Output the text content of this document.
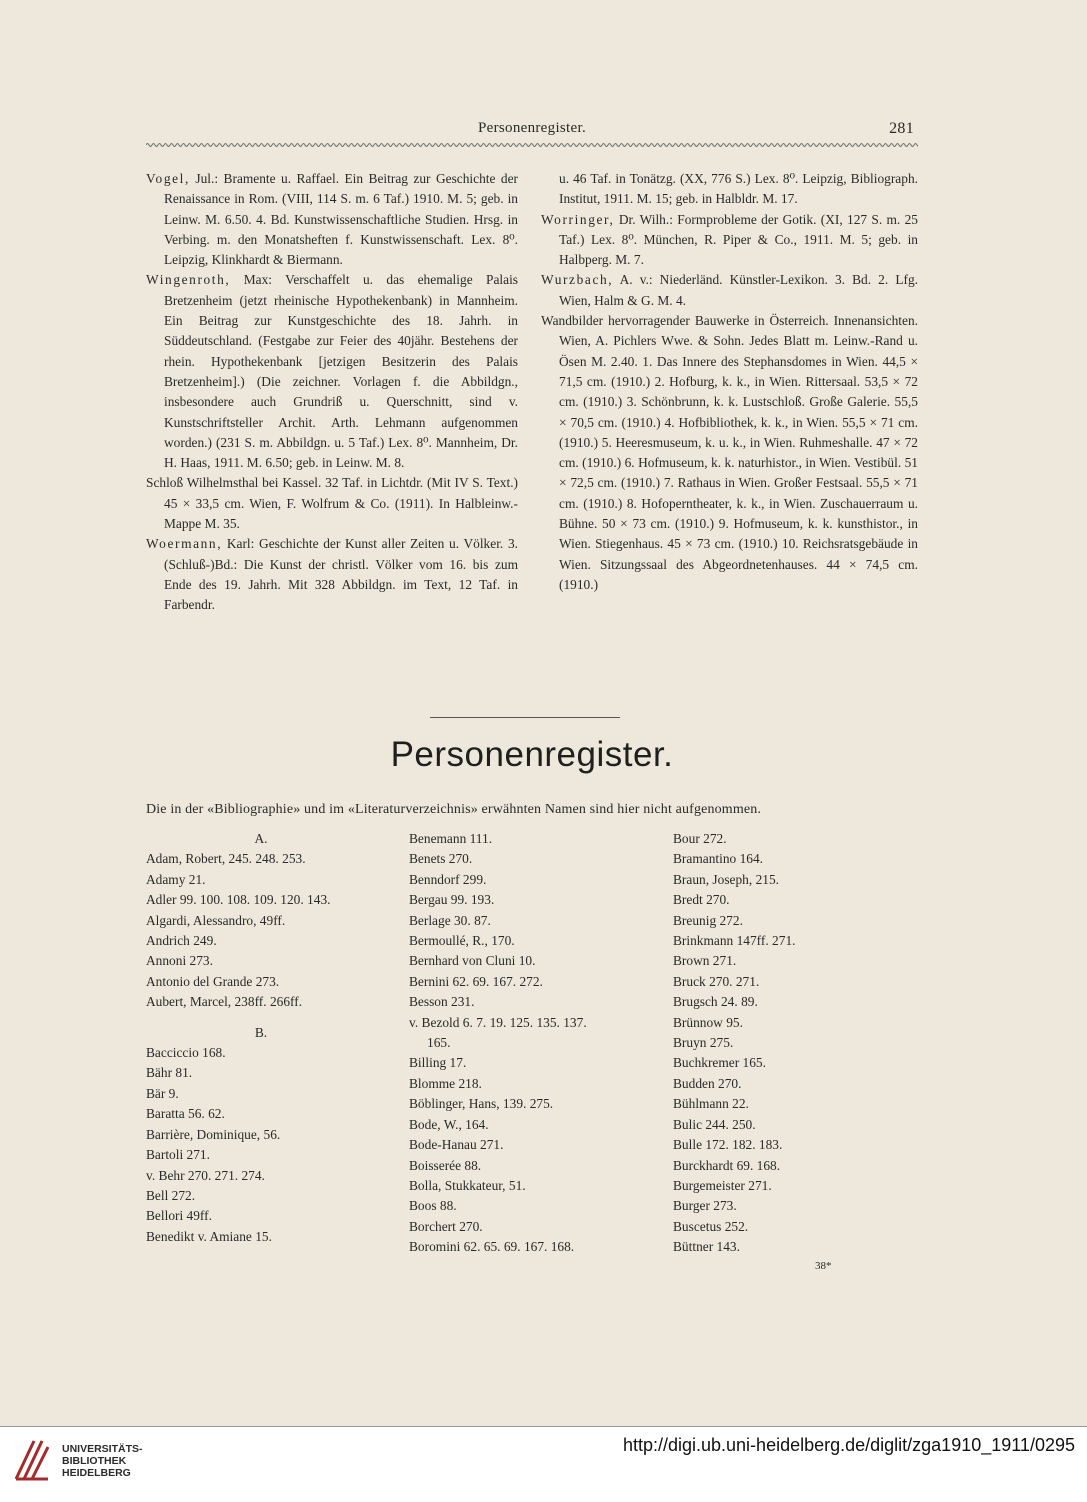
Personenregister.	281
Vogel, Jul.: Bramente u. Raffael. Ein Beitrag zur Geschichte der Renaissance in Rom. (VIII, 114 S. m. 6 Taf.) 1910. M. 5; geb. in Leinw. M. 6.50. 4. Bd. Kunstwissenschaftliche Studien. Hrsg. in Verbing. m. den Monatsheften f. Kunstwissenschaft. Lex. 8⁰. Leipzig, Klinkhardt & Biermann.
Wingenroth, Max: Verschaffelt u. das ehemalige Palais Bretzenheim (jetzt rheinische Hypothekenbank) in Mannheim. Ein Beitrag zur Kunstgeschichte des 18. Jahrh. in Süddeutschland. (Festgabe zur Feier des 40jähr. Bestehens der rhein. Hypothekenbank [jetzigen Besitzerin des Palais Bretzenheim].) (Die zeichner. Vorlagen f. die Abbildgn., insbesondere auch Grundriß u. Querschnitt, sind v. Kunstschriftsteller Archit. Arth. Lehmann aufgenommen worden.) (231 S. m. Abbildgn. u. 5 Taf.) Lex. 8⁰. Mannheim, Dr. H. Haas, 1911. M. 6.50; geb. in Leinw. M. 8.
Schloß Wilhelmsthal bei Kassel. 32 Taf. in Lichtdr. (Mit IV S. Text.) 45 × 33,5 cm. Wien, F. Wolfrum & Co. (1911). In Halbleinw.-Mappe M. 35.
Woermann, Karl: Geschichte der Kunst aller Zeiten u. Völker. 3. (Schluß-)Bd.: Die Kunst der christl. Völker vom 16. bis zum Ende des 19. Jahrh. Mit 328 Abbildgn. im Text, 12 Taf. in Farbendr.
u. 46 Taf. in Tonätzg. (XX, 776 S.) Lex. 8⁰. Leipzig, Bibliograph. Institut, 1911. M. 15; geb. in Halbldr. M. 17.
Worringer, Dr. Wilh.: Formprobleme der Gotik. (XI, 127 S. m. 25 Taf.) Lex. 8⁰. München, R. Piper & Co., 1911. M. 5; geb. in Halbperg. M. 7.
Wurzbach, A. v.: Niederländ. Künstler-Lexikon. 3. Bd. 2. Lfg. Wien, Halm & G. M. 4.
Wandbilder hervorragender Bauwerke in Österreich. Innenansichten. Wien, A. Pichlers Wwe. & Sohn. Jedes Blatt m. Leinw.-Rand u. Ösen M. 2.40. 1. Das Innere des Stephansdomes in Wien. 44,5 × 71,5 cm. (1910.) 2. Hofburg, k. k., in Wien. Rittersaal. 53,5 × 72 cm. (1910.) 3. Schönbrunn, k. k. Lustschloß. Große Galerie. 55,5 × 70,5 cm. (1910.) 4. Hofbibliothek, k. k., in Wien. 55,5 × 71 cm. (1910.) 5. Heeresmuseum, k. u. k., in Wien. Ruhmeshalle. 47 × 72 cm. (1910.) 6. Hofmuseum, k. k. naturhistor., in Wien. Vestibül. 51 × 72,5 cm. (1910.) 7. Rathaus in Wien. Großer Festsaal. 55,5 × 71 cm. (1910.) 8. Hofoperntheater, k. k., in Wien. Zuschauerraum u. Bühne. 50 × 73 cm. (1910.) 9. Hofmuseum, k. k. kunsthistor., in Wien. Stiegenhaus. 45 × 73 cm. (1910.) 10. Reichsratsgebäude in Wien. Sitzungssaal des Abgeordnetenhauses. 44 × 74,5 cm. (1910.)
Personenregister.
Die in der «Bibliographie» und im «Literaturverzeichnis» erwähnten Namen sind hier nicht aufgenommen.
A.
Adam, Robert, 245. 248. 253.
Adamy 21.
Adler 99. 100. 108. 109. 120. 143.
Algardi, Alessandro, 49ff.
Andrich 249.
Annoni 273.
Antonio del Grande 273.
Aubert, Marcel, 238ff. 266ff.
B.
Bacciccio 168.
Bähr 81.
Bär 9.
Baratta 56. 62.
Barrière, Dominique, 56.
Bartoli 271.
v. Behr 270. 271. 274.
Bell 272.
Bellori 49ff.
Benedikt v. Amiane 15.
Benemann 111.
Benets 270.
Benndorf 299.
Bergau 99. 193.
Berlage 30. 87.
Bermoullé, R., 170.
Bernhard von Cluni 10.
Bernini 62. 69. 167. 272.
Besson 231.
v. Bezold 6. 7. 19. 125. 135. 137.
165.
Billing 17.
Blomme 218.
Böblinger, Hans, 139. 275.
Bode, W., 164.
Bode-Hanau 271.
Boisserée 88.
Bolla, Stukkateur, 51.
Boos 88.
Borchert 270.
Boromini 62. 65. 69. 167. 168.
Bour 272.
Bramantino 164.
Braun, Joseph, 215.
Bredt 270.
Breunig 272.
Brinkmann 147ff. 271.
Brown 271.
Bruck 270. 271.
Brugsch 24. 89.
Brünnow 95.
Bruyn 275.
Buchkremer 165.
Budden 270.
Bühlmann 22.
Bulic 244. 250.
Bulle 172. 182. 183.
Burckhardt 69. 168.
Burgemeister 271.
Burger 273.
Buscetus 252.
Büttner 143.
38*
UNIVERSITÄTS-
BIBLIOTHEK
HEIDELBERG
http://digi.ub.uni-heidelberg.de/diglit/zga1910_1911/0295
